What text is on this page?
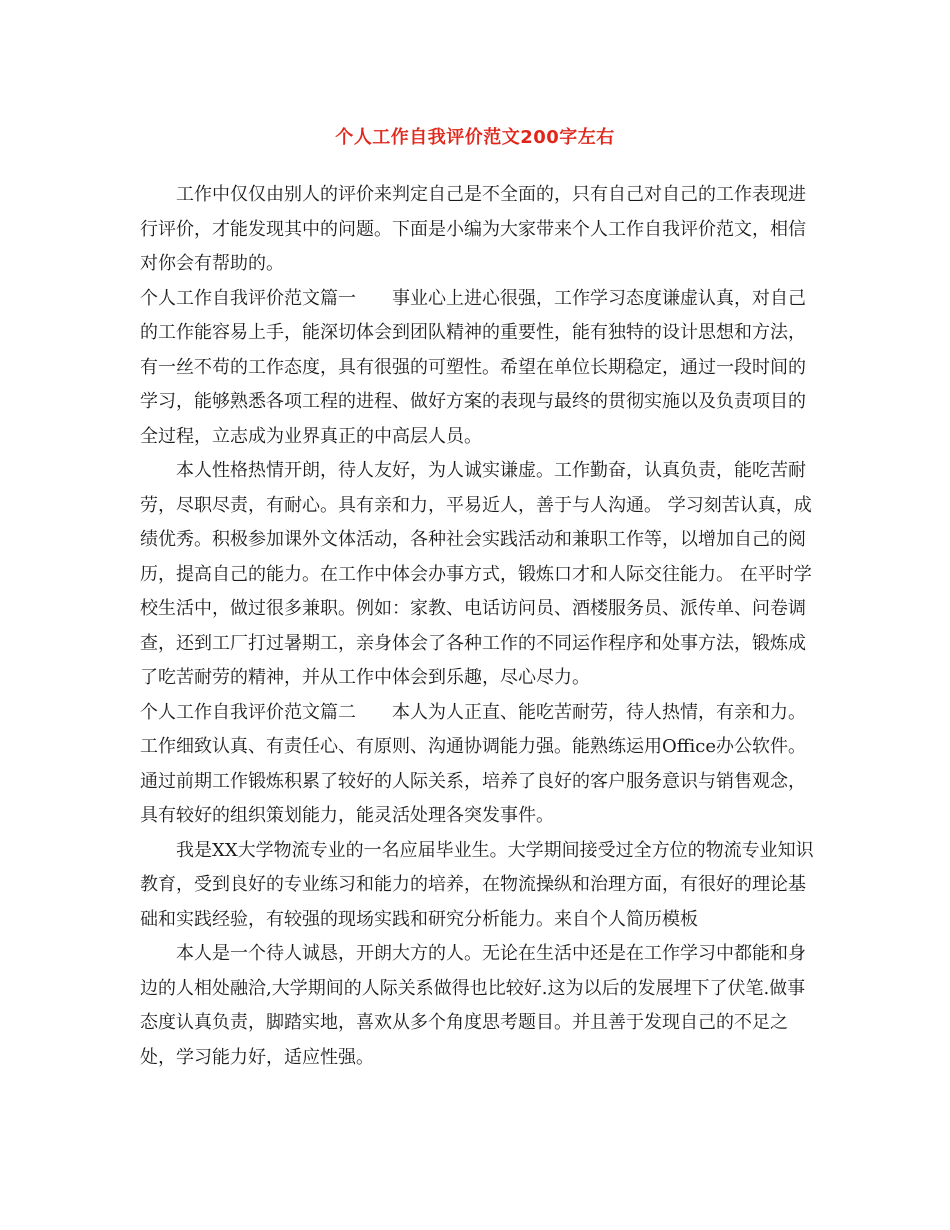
个人工作自我评价范文200字左右

工作中仅仅由别人的评价来判定自己是不全面的，只有自己对自己的工作表现进行评价，才能发现其中的问题。下面是小编为大家带来个人工作自我评价范文，相信对你会有帮助的。

个人工作自我评价范文篇一 事业心上进心很强，工作学习态度谦虚认真，对自己的工作能容易上手，能深切体会到团队精神的重要性，能有独特的设计思想和方法，有一丝不苟的工作态度，具有很强的可塑性。希望在单位长期稳定，通过一段时间的学习，能够熟悉各项工程的进程、做好方案的表现与最终的贯彻实施以及负责项目的全过程，立志成为业界真正的中高层人员。

本人性格热情开朗，待人友好，为人诚实谦虚。工作勤奋，认真负责，能吃苦耐劳，尽职尽责，有耐心。具有亲和力，平易近人，善于与人沟通。 学习刻苦认真，成绩优秀。积极参加课外文体活动，各种社会实践活动和兼职工作等，以增加自己的阅历，提高自己的能力。在工作中体会办事方式，锻炼口才和人际交往能力。 在平时学校生活中，做过很多兼职。例如：家教、电话访问员、酒楼服务员、派传单、问卷调查，还到工厂打过暑期工，亲身体会了各种工作的不同运作程序和处事方法，锻炼成了吃苦耐劳的精神，并从工作中体会到乐趣，尽心尽力。

个人工作自我评价范文篇二 本人为人正直、能吃苦耐劳，待人热情，有亲和力。工作细致认真、有责任心、有原则、沟通协调能力强。能熟练运用Office办公软件。通过前期工作锻炼积累了较好的人际关系，培养了良好的客户服务意识与销售观念，具有较好的组织策划能力，能灵活处理各突发事件。

我是XX大学物流专业的一名应届毕业生。大学期间接受过全方位的物流专业知识教育，受到良好的专业练习和能力的培养，在物流操纵和治理方面，有很好的理论基础和实践经验，有较强的现场实践和研究分析能力。来自个人简历模板

本人是一个待人诚恳，开朗大方的人。无论在生活中还是在工作学习中都能和身边的人相处融洽,大学期间的人际关系做得也比较好.这为以后的发展埋下了伏笔.做事态度认真负责，脚踏实地，喜欢从多个角度思考题目。并且善于发现自己的不足之处，学习能力好，适应性强。
